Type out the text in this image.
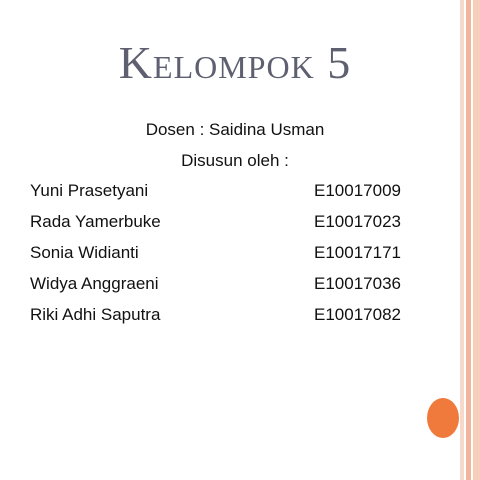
Kelompok 5
Dosen : Saidina Usman
Disusun oleh :
Yuni Prasetyani	E10017009
Rada Yamerbuke	E10017023
Sonia Widianti	E10017171
Widya Anggraeni	E10017036
Riki Adhi Saputra	E10017082
